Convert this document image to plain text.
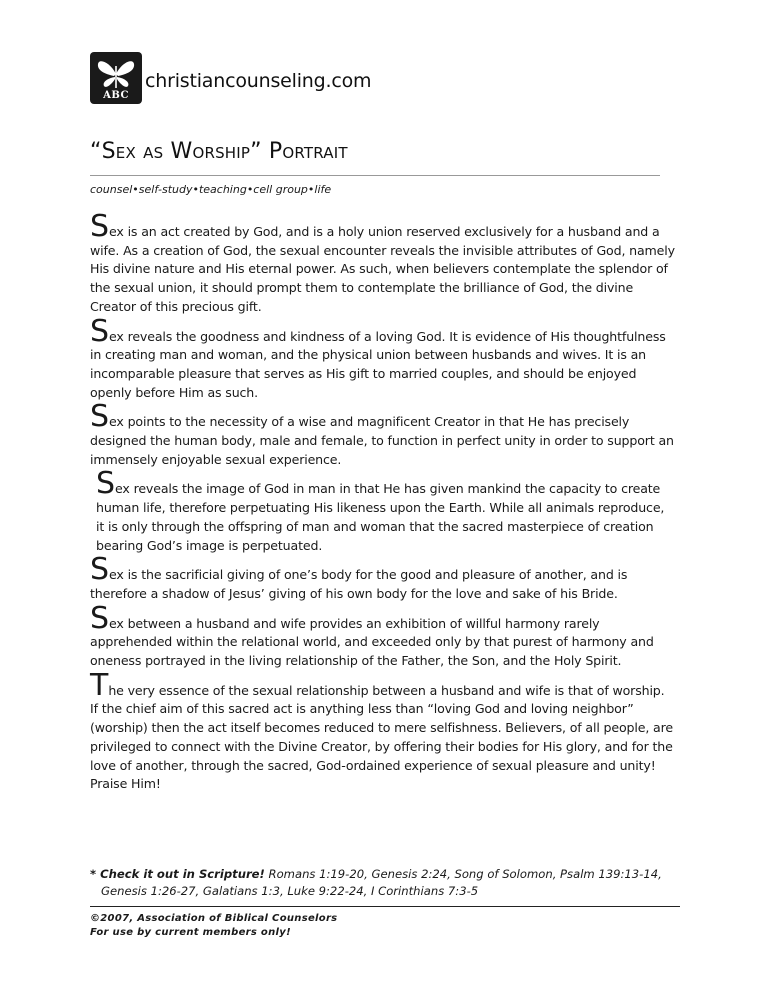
ABC
christiancounseling.com
“Sex as Worship” Portrait
counsel•self-study•teaching•cell group•life

Sex is an act created by God, and is a holy union reserved exclusively for a husband and a wife. As a creation of God, the sexual encounter reveals the invisible attributes of God, namely His divine nature and His eternal power. As such, when believers contemplate the splendor of the sexual union, it should prompt them to contemplate the brilliance of God, the divine Creator of this precious gift.

Sex reveals the goodness and kindness of a loving God. It is evidence of His thoughtfulness in creating man and woman, and the physical union between husbands and wives. It is an incomparable pleasure that serves as His gift to married couples, and should be enjoyed openly before Him as such.

Sex points to the necessity of a wise and magnificent Creator in that He has precisely designed the human body, male and female, to function in perfect unity in order to support an immensely enjoyable sexual experience.

Sex reveals the image of God in man in that He has given mankind the capacity to create human life, therefore perpetuating His likeness upon the Earth. While all animals reproduce, it is only through the offspring of man and woman that the sacred masterpiece of creation bearing God’s image is perpetuated.

Sex is the sacrificial giving of one’s body for the good and pleasure of another, and is therefore a shadow of Jesus’ giving of his own body for the love and sake of his Bride.

Sex between a husband and wife provides an exhibition of willful harmony rarely apprehended within the relational world, and exceeded only by that purest of harmony and oneness portrayed in the living relationship of the Father, the Son, and the Holy Spirit.

The very essence of the sexual relationship between a husband and wife is that of worship. If the chief aim of this sacred act is anything less than “loving God and loving neighbor” (worship) then the act itself becomes reduced to mere selfishness. Believers, of all people, are privileged to connect with the Divine Creator, by offering their bodies for His glory, and for the love of another, through the sacred, God-ordained experience of sexual pleasure and unity! Praise Him!

* Check it out in Scripture! Romans 1:19-20, Genesis 2:24, Song of Solomon, Psalm 139:13-14,
Genesis 1:26-27, Galatians 1:3, Luke 9:22-24, I Corinthians 7:3-5
©2007, Association of Biblical Counselors
For use by current members only!
